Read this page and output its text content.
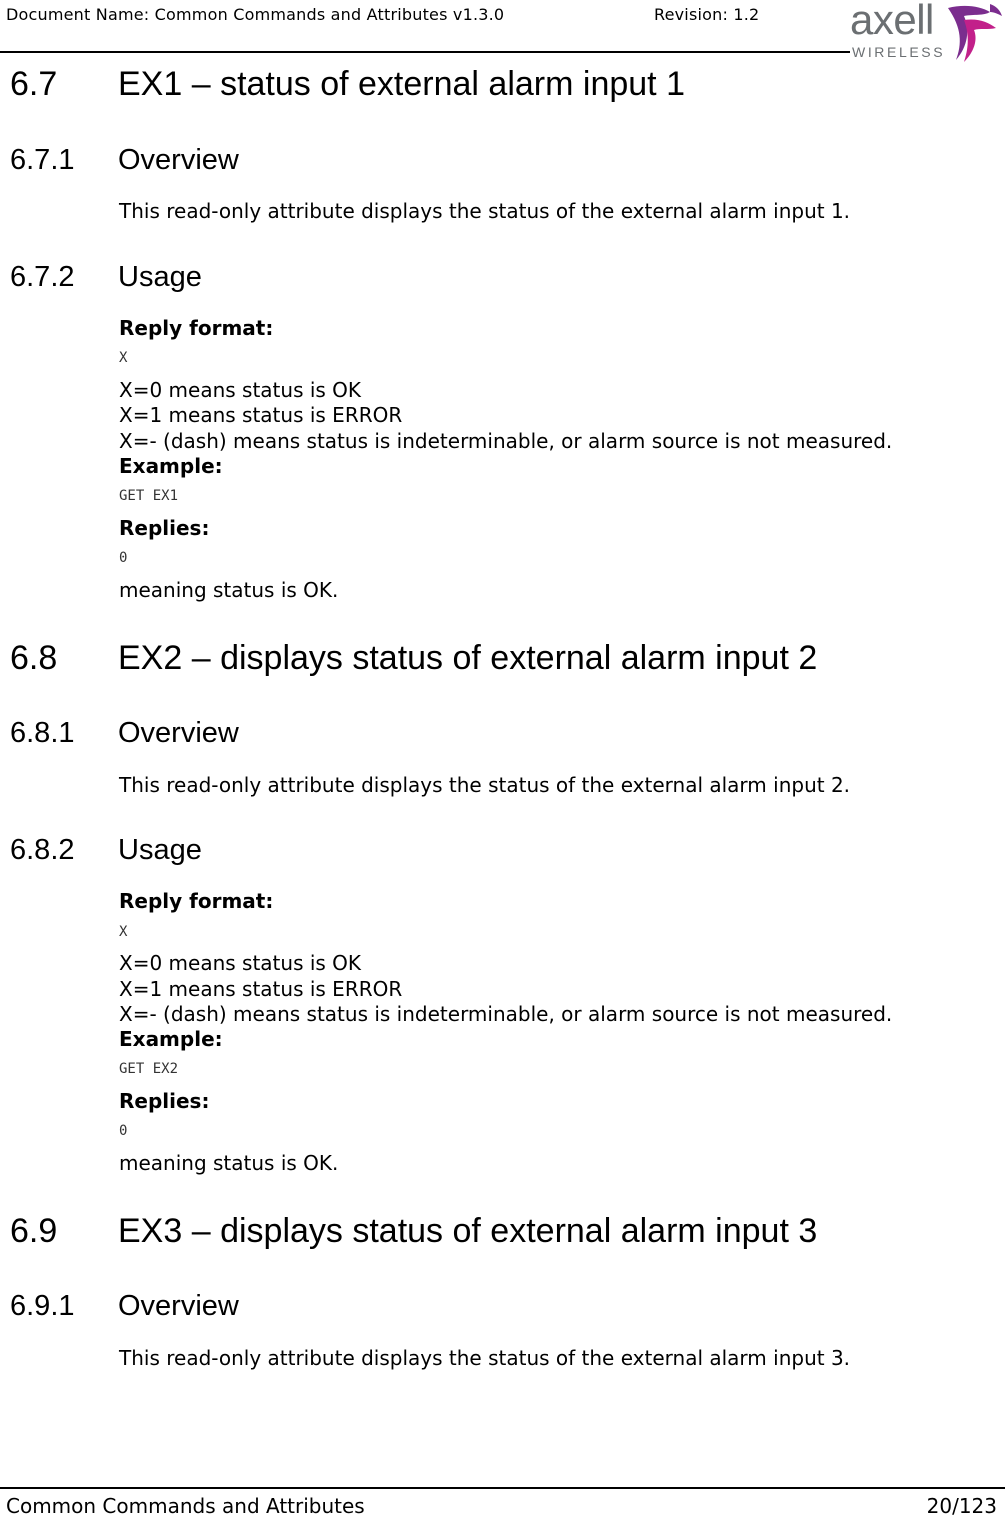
Document Name: Common Commands and Attributes v1.3.0	Revision: 1.2 axell
WIRELESS
6.7 EX1 – status of external alarm input 1
6.7.1 Overview
This read-only attribute displays the status of the external alarm input 1.
6.7.2 Usage
Reply format:
X
X=0 means status is OK
X=1 means status is ERROR
X=- (dash) means status is indeterminable, or alarm source is not measured.
Example:
GET EX1
Replies:
0
meaning status is OK.
6.8 EX2 – displays status of external alarm input 2
6.8.1 Overview
This read-only attribute displays the status of the external alarm input 2.
6.8.2 Usage
Reply format:
X
X=0 means status is OK
X=1 means status is ERROR
X=- (dash) means status is indeterminable, or alarm source is not measured.
Example:
GET EX2
Replies:
0
meaning status is OK.
6.9 EX3 – displays status of external alarm input 3
6.9.1 Overview
This read-only attribute displays the status of the external alarm input 3.
Common Commands and Attributes	20/123
